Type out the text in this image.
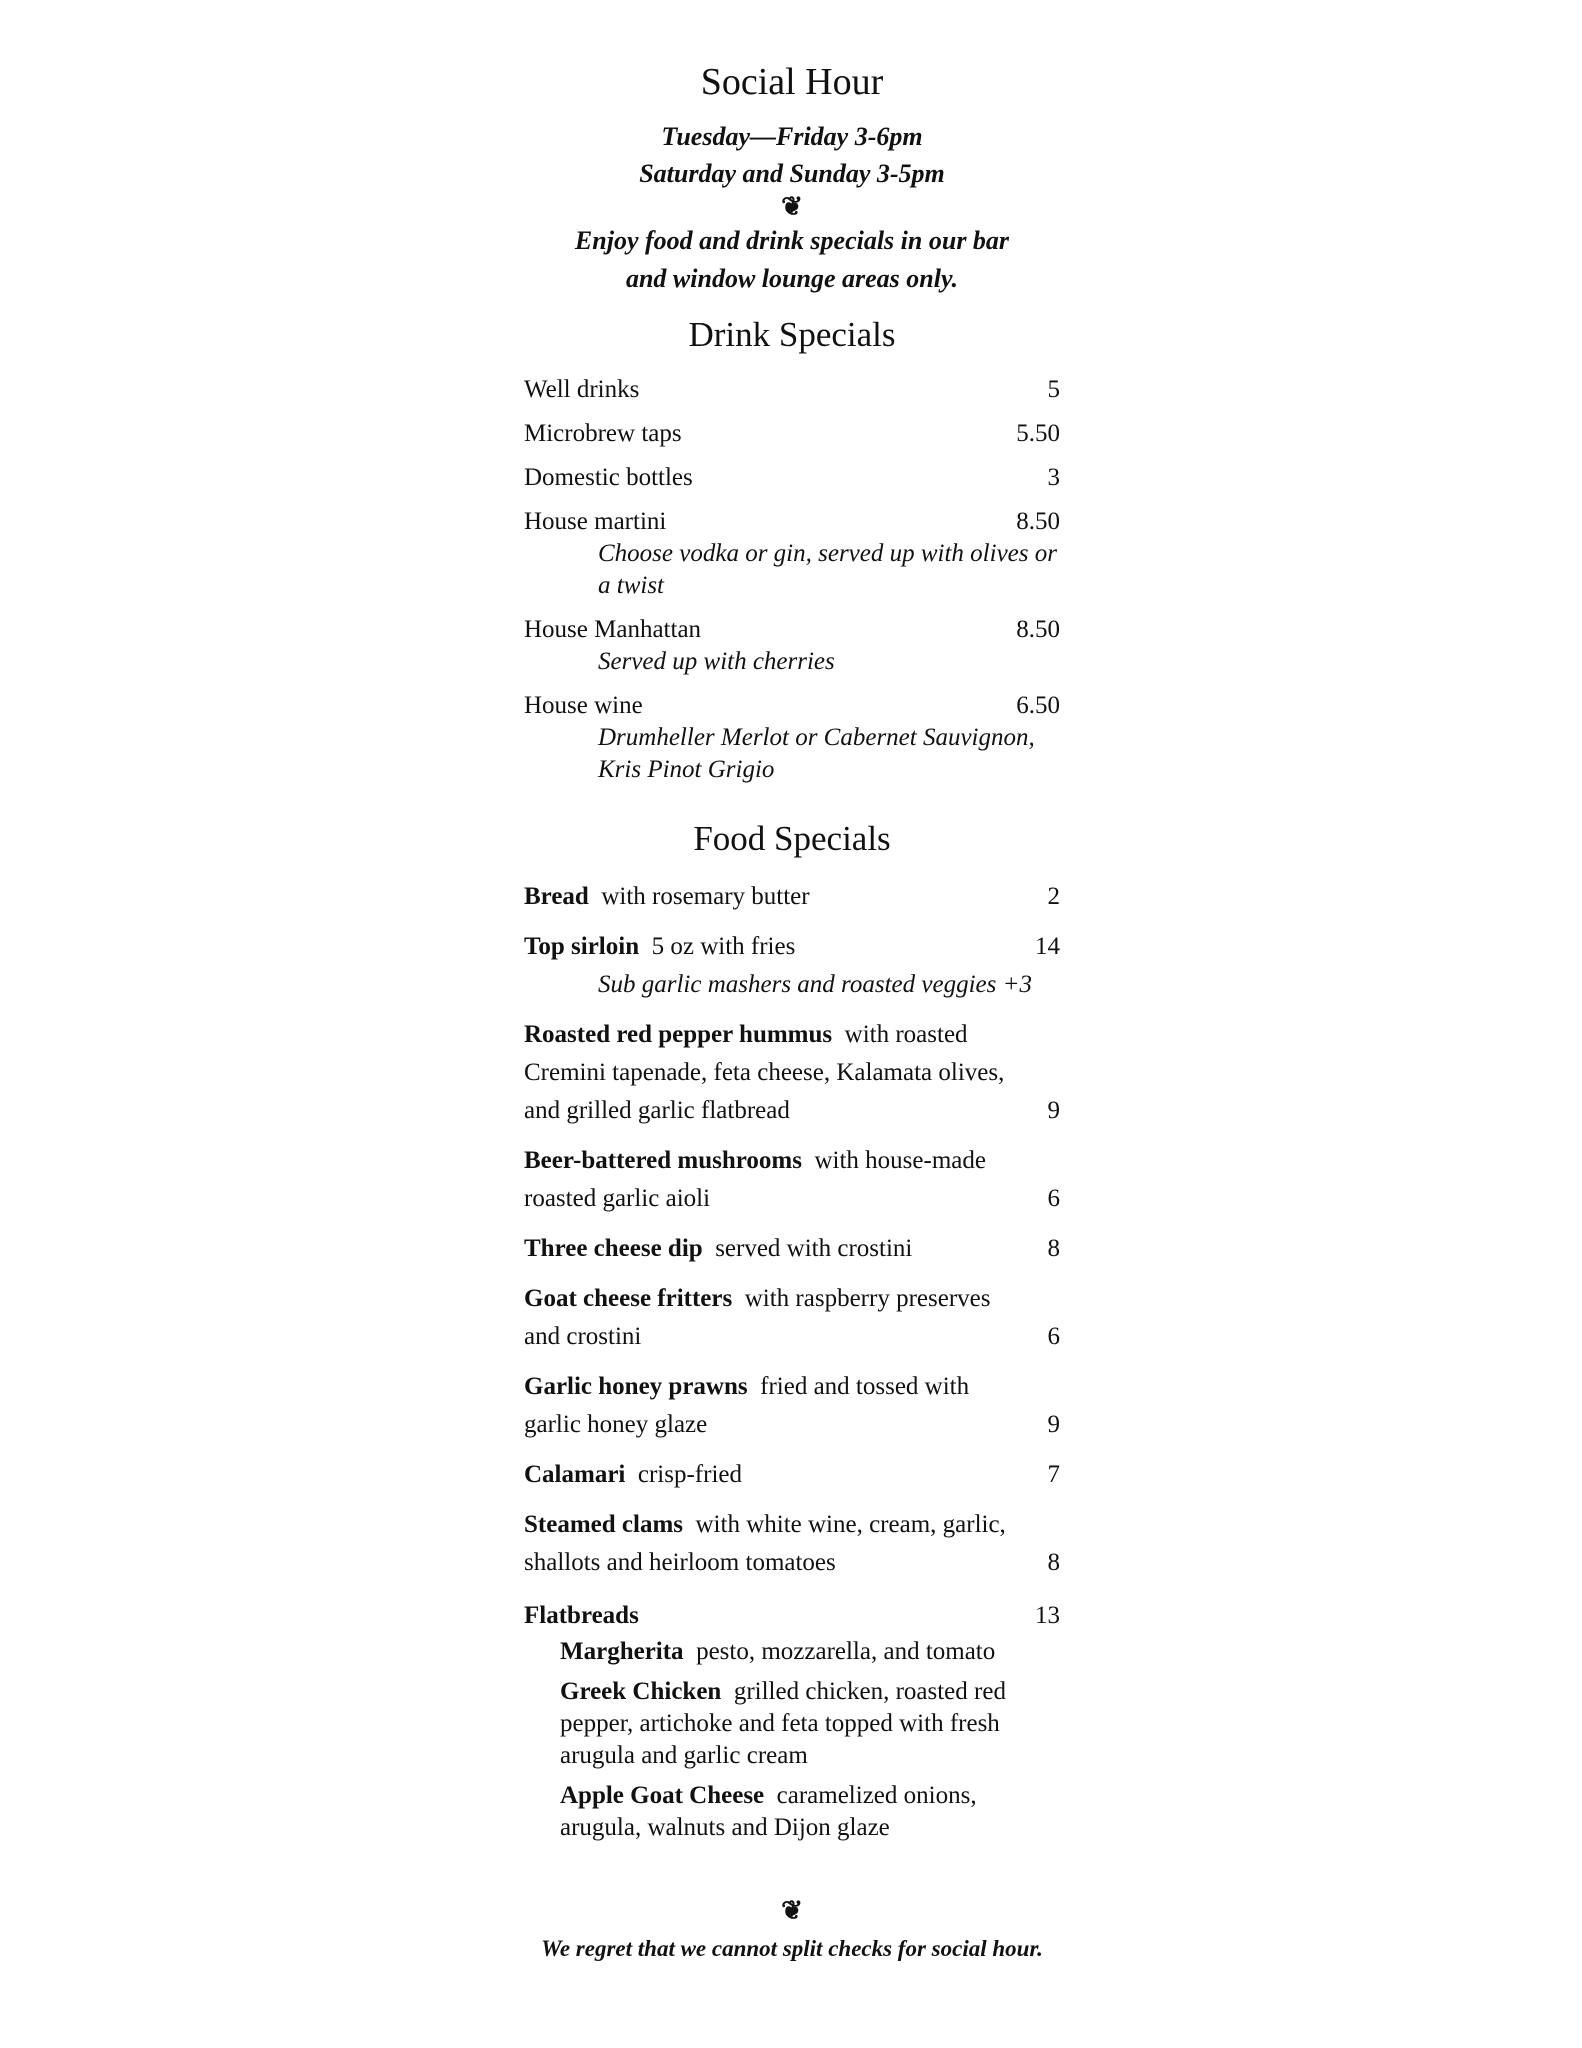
Social Hour
Tuesday—Friday 3-6pm
Saturday and Sunday 3-5pm
❦
Enjoy food and drink specials in our bar
and window lounge areas only.
Drink Specials
Well drinks	5
Microbrew taps	5.50
Domestic bottles	3
House martini	8.50
Choose vodka or gin, served up with olives or a twist
House Manhattan	8.50
Served up with cherries
House wine	6.50
Drumheller Merlot or Cabernet Sauvignon, Kris Pinot Grigio
Food Specials
Bread with rosemary butter	2
Top sirloin 5 oz with fries	14
Sub garlic mashers and roasted veggies +3
Roasted red pepper hummus with roasted Cremini tapenade, feta cheese, Kalamata olives, and grilled garlic flatbread	9
Beer-battered mushrooms with house-made roasted garlic aioli	6
Three cheese dip served with crostini	8
Goat cheese fritters with raspberry preserves and crostini	6
Garlic honey prawns fried and tossed with garlic honey glaze	9
Calamari crisp-fried	7
Steamed clams with white wine, cream, garlic, shallots and heirloom tomatoes	8
Flatbreads	13
Margherita pesto, mozzarella, and tomato
Greek Chicken grilled chicken, roasted red pepper, artichoke and feta topped with fresh arugula and garlic cream
Apple Goat Cheese caramelized onions, arugula, walnuts and Dijon glaze
❦
We regret that we cannot split checks for social hour.
